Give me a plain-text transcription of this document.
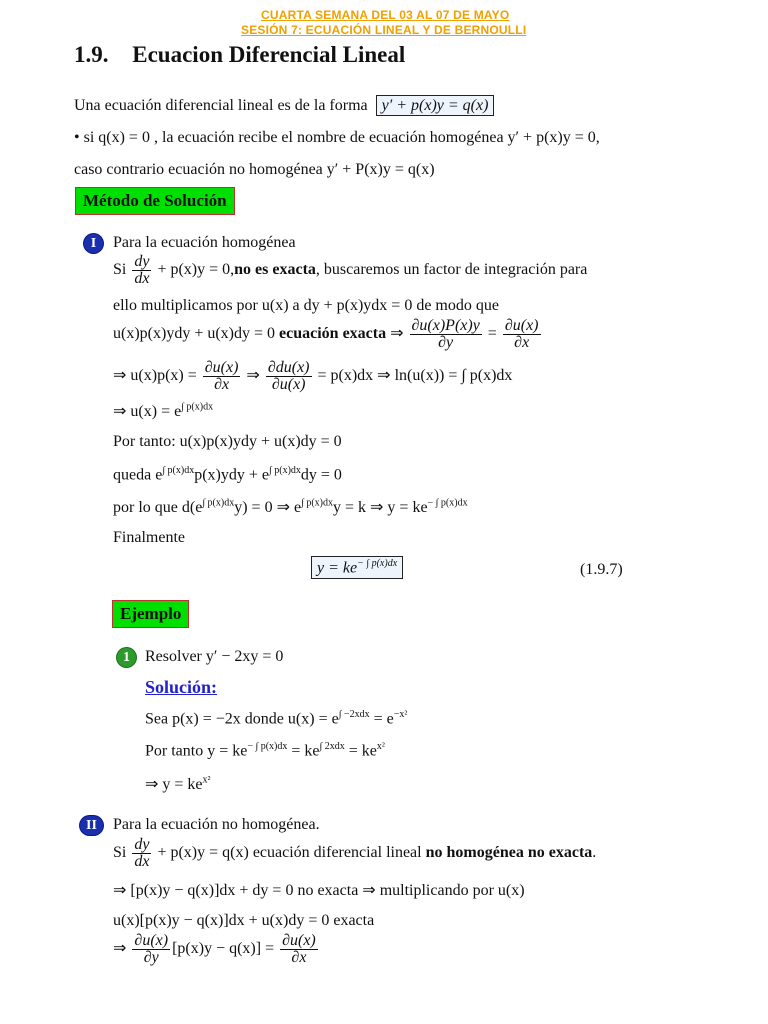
CUARTA SEMANA DEL 03 AL 07 DE MAYO
SESIÓN 7: ECUACIÓN LINEAL Y DE BERNOULLI
1.9. Ecuacion Diferencial Lineal
Una ecuación diferencial lineal es de la forma y′ + p(x)y = q(x)
• si q(x) = 0 , la ecuación recibe el nombre de ecuación homogénea y′ + p(x)y = 0,
caso contrario ecuación no homogénea y′ + P(x)y = q(x)
Método de Solución
I	Para la ecuación homogénea
Si $\frac{dy}{dx} + p(x)y = 0,no$ es exacta, buscaremos un factor de integración para
ello multiplicamos por u(x) a dy + p(x)ydx = 0 de modo que
u(x)p(x)ydy + u(x)dy = 0 ecuación exacta ⇒ $\frac{\partial u(x)P(x)y}{\partial y} = \frac{\partial u(x)}{\partial x}$
⇒ $u(x)p(x) = \frac{\partial u(x)}{\partial x}$ ⇒ $\frac{\partial du(x)}{\partial u(x)} = p(x)dx$ ⇒ ln(u(x)) = ∫ p(x)dx
⇒ $u(x) = e^{\int p(x)dx}$
Por tanto: u(x)p(x)ydy + u(x)dy = 0
queda $e^{\int p(x)dx}p(x)ydy + e^{\int p(x)dx}dy = 0$
por lo que $d(e^{\int p(x)dx}y) = 0$ ⇒ $e^{\int p(x)dx}y = k$ ⇒ $y = ke^{- \int p(x)dx}$
Finalmente
$y = ke^{- \int p(x)dx}$	(1.9.7)
Ejemplo
1 Resolver y′ − 2xy = 0
Solución:
Sea p(x) = −2x donde $u(x) = e^{\int -2xdx} = e^{-x^2}$
Por tanto $y = ke^{- \int p(x)dx} = ke^{\int 2xdx} = ke^{x^2}$
⇒ $y = ke^{x^2}$
II	Para la ecuación no homogénea.
Si $\frac{dy}{dx} + p(x)y = q(x)$ ecuación diferencial lineal no homogénea no exacta.
⇒ [p(x)y − q(x)]dx + dy = 0 no exacta ⇒ multiplicando por u(x)
u(x)[p(x)y − q(x)]dx + u(x)dy = 0 exacta
⇒ $\frac{\partial u(x)}{\partial y} [p(x)y - q(x)] = \frac{\partial u(x)}{\partial x}$
